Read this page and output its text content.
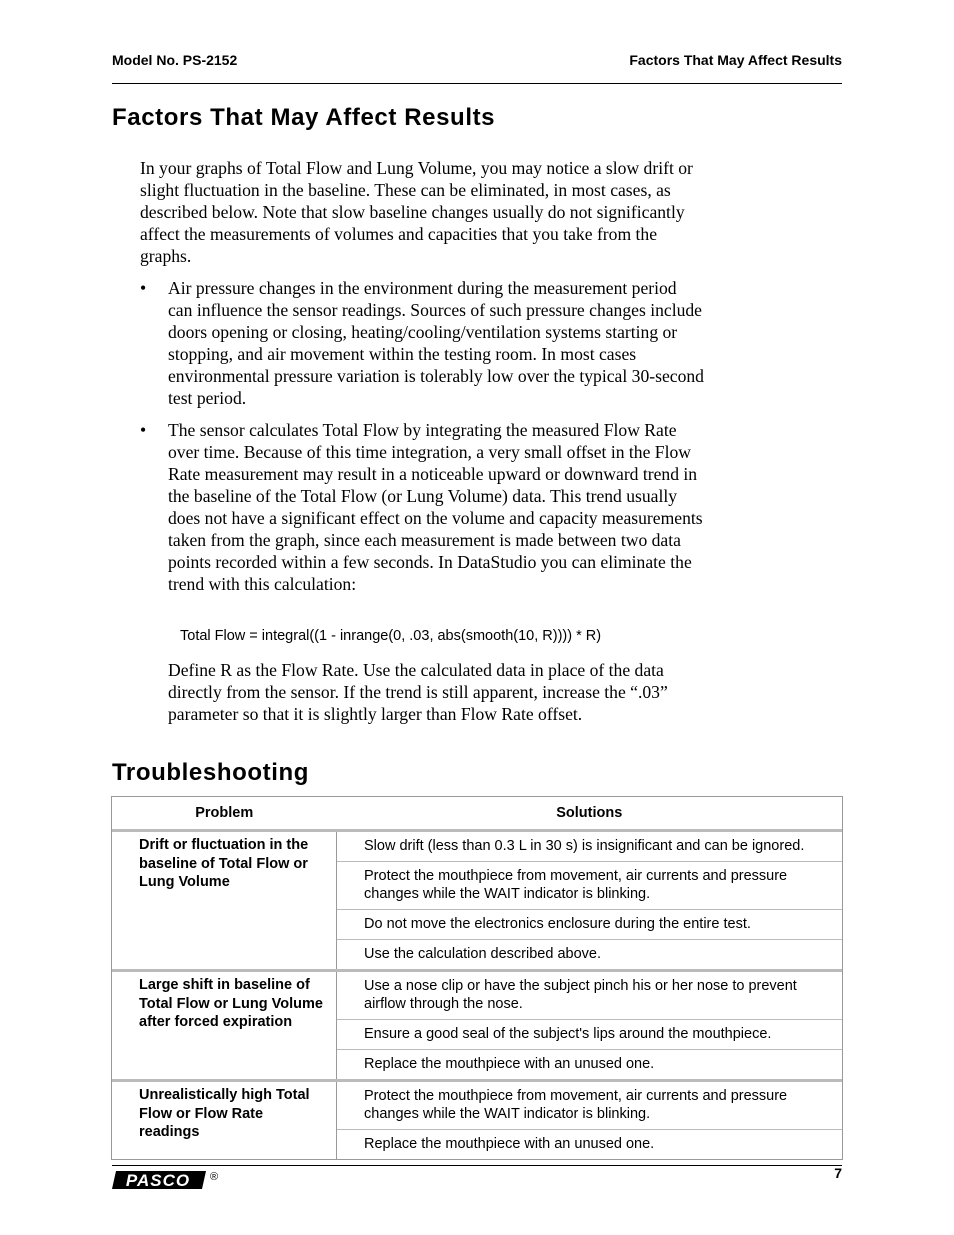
Model No. PS-2152	Factors That May Affect Results
Factors That May Affect Results
In your graphs of Total Flow and Lung Volume, you may notice a slow drift or slight fluctuation in the baseline. These can be eliminated, in most cases, as described below. Note that slow baseline changes usually do not significantly affect the measurements of volumes and capacities that you take from the graphs.
• Air pressure changes in the environment during the measurement period can influence the sensor readings. Sources of such pressure changes include doors opening or closing, heating/cooling/ventilation systems starting or stopping, and air movement within the testing room. In most cases environmental pressure variation is tolerably low over the typical 30-second test period.
• The sensor calculates Total Flow by integrating the measured Flow Rate over time. Because of this time integration, a very small offset in the Flow Rate measurement may result in a noticeable upward or downward trend in the baseline of the Total Flow (or Lung Volume) data. This trend usually does not have a significant effect on the volume and capacity measurements taken from the graph, since each measurement is made between two data points recorded within a few seconds. In DataStudio you can eliminate the trend with this calculation:
Total Flow = integral((1 - inrange(0, .03, abs(smooth(10, R)))) * R)
Define R as the Flow Rate. Use the calculated data in place of the data directly from the sensor. If the trend is still apparent, increase the “.03” parameter so that it is slightly larger than Flow Rate offset.
Troubleshooting
Problem	Solutions
Drift or fluctuation in the baseline of Total Flow or Lung Volume	Slow drift (less than 0.3 L in 30 s) is insignificant and can be ignored.
	Protect the mouthpiece from movement, air currents and pressure changes while the WAIT indicator is blinking.
	Do not move the electronics enclosure during the entire test.
	Use the calculation described above.
Large shift in baseline of Total Flow or Lung Volume after forced expiration	Use a nose clip or have the subject pinch his or her nose to prevent airflow through the nose.
	Ensure a good seal of the subject's lips around the mouthpiece.
	Replace the mouthpiece with an unused one.
Unrealistically high Total Flow or Flow Rate readings	Protect the mouthpiece from movement, air currents and pressure changes while the WAIT indicator is blinking.
	Replace the mouthpiece with an unused one.
PASCO ®	7
